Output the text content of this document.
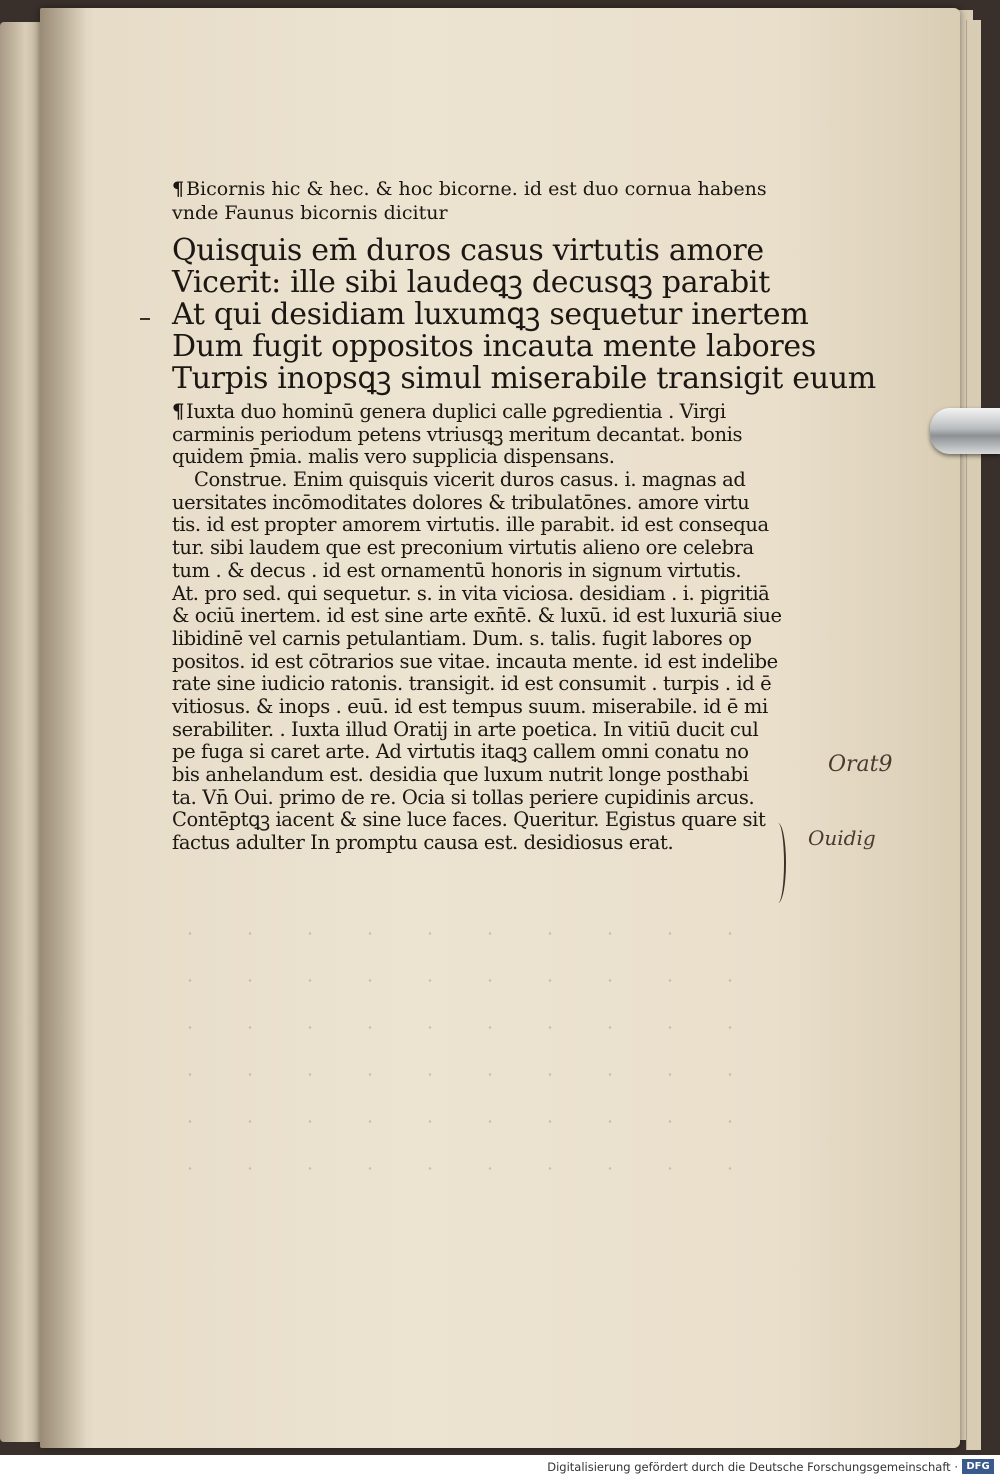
¶ Bicornis hic & hec. & hoc bicorne. id est duo cornua habens
vnde Faunus bicornis dicitur
Quisquis em̄ duros casus virtutis amore
Vicerit: ille sibi laudeꝗꝫ decusꝗꝫ parabit
At qui desidiam luxumꝗꝫ sequetur inertem
Dum fugit oppositos incauta mente labores
Turpis inopsꝗꝫ simul miserabile transigit euum
¶ Iuxta duo hominū genera duplici calle ꝑgredientia . Virgi
carminis periodum petens vtriusꝗꝫ meritum decantat. bonis
quidem p̄mia. malis vero supplicia dispensans.
Construe. Enim quisquis vicerit duros casus. i. magnas ad
uersitates incōmoditates dolores & tribulatōnes. amore virtu
tis. id est propter amorem virtutis. ille parabit. id est consequa
tur. sibi laudem que est preconium virtutis alieno ore celebra
tum . & decus . id est ornamentū honoris in signum virtutis.
At. pro sed. qui sequetur. s. in vita viciosa. desidiam . i. pigritiā
& ociū inertem. id est sine arte exn̄tē. & luxū. id est luxuriā siue
libidinē vel carnis petulantiam. Dum. s. talis. fugit labores op
positos. id est cōtrarios sue vitae. incauta mente. id est indelibe
rate sine iudicio ratonis. transigit. id est consumit . turpis . id ē
vitiosus. & inops . euū. id est tempus suum. miserabile. id ē mi
serabiliter. . Iuxta illud Oratij in arte poetica. In vitiū ducit cul
pe fuga si caret arte. Ad virtutis itaꝗꝫ callem omni conatu no
bis anhelandum est. desidia que luxum nutrit longe posthabi
ta. Vn̄ Oui. primo de re. Ocia si tollas periere cupidinis arcus.
Contēptꝗꝫ iacent & sine luce faces. Queritur. Egistus quare sit
factus adulter In promptu causa est. desidiosus erat.
Orat9
Ouidig
Digitalisierung gefördert durch die Deutsche Forschungsgemeinschaft · DFG
